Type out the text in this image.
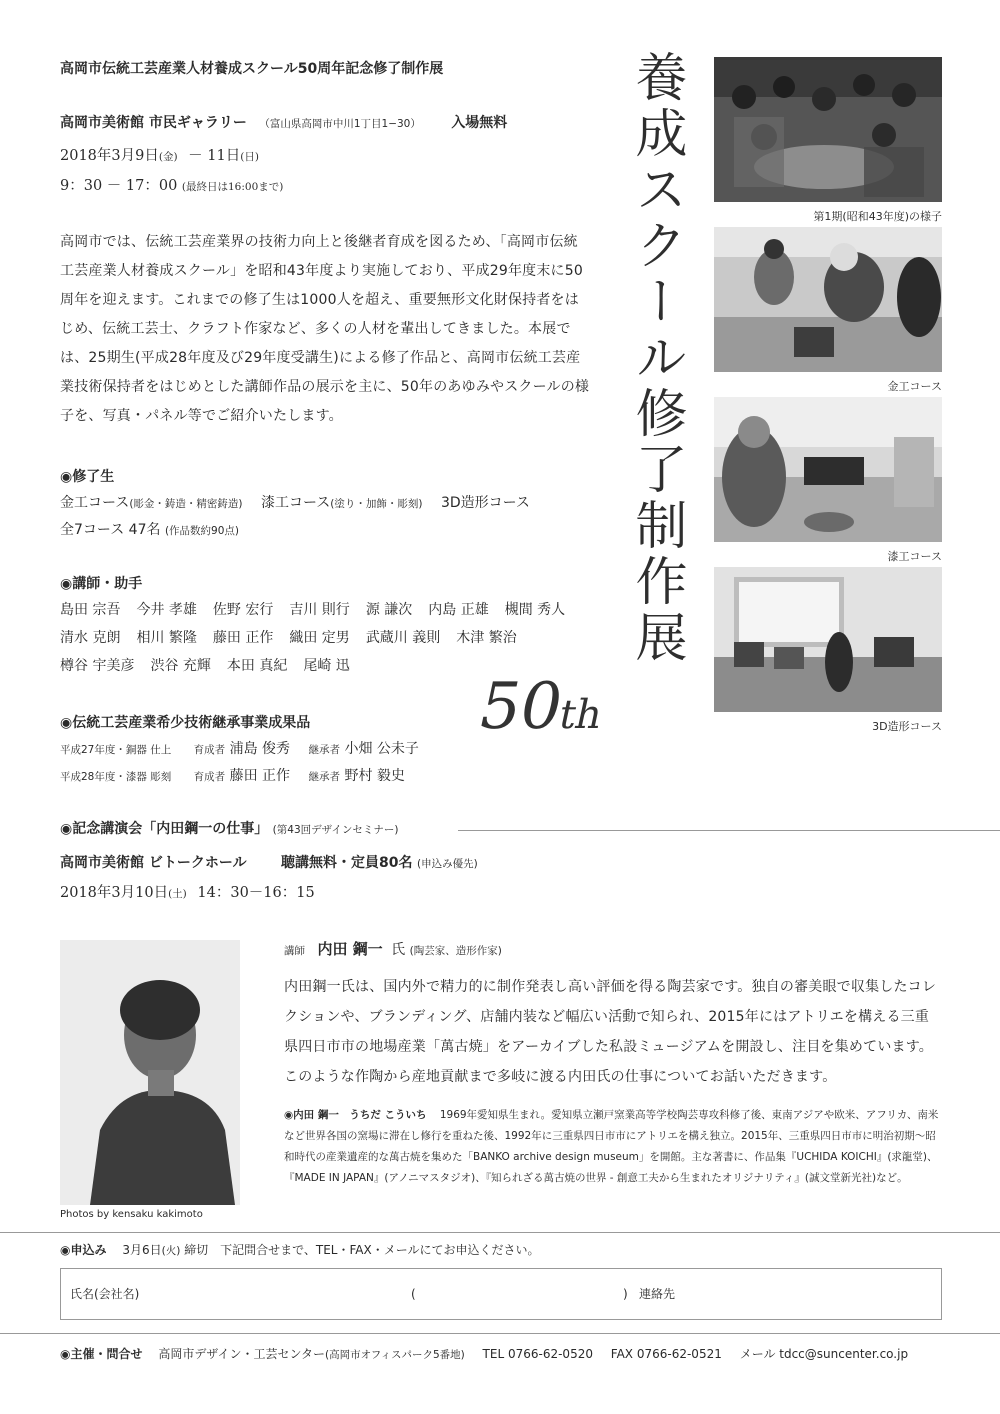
高岡市伝統工芸産業人材養成スクール50周年記念修了制作展
高岡市美術館 市民ギャラリー （富山県高岡市中川1丁目1−30） 入場無料
2018年3月9日(金) － 11日(日)
9：30 － 17：00 (最終日は16:00まで)
高岡市では、伝統工芸産業界の技術力向上と後継者育成を図るため、「高岡市伝統工芸産業人材養成スクール」を昭和43年度より実施しており、平成29年度末に50周年を迎えます。これまでの修了生は1000人を超え、重要無形文化財保持者をはじめ、伝統工芸士、クラフト作家など、多くの人材を輩出してきました。本展では、25期生(平成28年度及び29年度受講生)による修了作品と、高岡市伝統工芸産業技術保持者をはじめとした講師作品の展示を主に、50年のあゆみやスクールの様子を、写真・パネル等でご紹介いたします。
◉修了生
金工コース(彫金・鋳造・精密鋳造) 漆工コース(塗り・加飾・彫刻) 3D造形コース
全7コース 47名 (作品数約90点)
◉講師・助手
島田 宗吾 今井 孝雄 佐野 宏行 吉川 則行 源 謙次 内島 正雄 槻間 秀人
清水 克朗 相川 繁隆 藤田 正作 織田 定男 武蔵川 義則 木津 繁治
樽谷 宇美彦 渋谷 充輝 本田 真紀 尾崎 迅
◉伝統工芸産業希少技術継承事業成果品
平成27年度・銅器 仕上 育成者 浦島 俊秀 継承者 小畑 公未子
平成28年度・漆器 彫刻 育成者 藤田 正作 継承者 野村 毅史
養成スクール修了制作展
50th
第1期(昭和43年度)の様子
金工コース
漆工コース
3D造形コース
◉記念講演会「内田鋼一の仕事」 (第43回デザインセミナー)
高岡市美術館 ビトークホール 聴講無料・定員80名 (申込み優先)
2018年3月10日(土) 14：30－16：15
Photos by kensaku kakimoto
講師 内田 鋼一 氏 (陶芸家、造形作家)
内田鋼一氏は、国内外で精力的に制作発表し高い評価を得る陶芸家です。独自の審美眼で収集したコレクションや、ブランディング、店舗内装など幅広い活動で知られ、2015年にはアトリエを構える三重県四日市市の地場産業「萬古焼」をアーカイブした私設ミュージアムを開設し、注目を集めています。このような作陶から産地貢献まで多岐に渡る内田氏の仕事についてお話いただきます。
◉内田 鋼一　うちだ こういち 1969年愛知県生まれ。愛知県立瀬戸窯業高等学校陶芸専攻科修了後、東南アジアや欧米、アフリカ、南米など世界各国の窯場に滞在し修行を重ねた後、1992年に三重県四日市市にアトリエを構え独立。2015年、三重県四日市市に明治初期～昭和時代の産業遺産的な萬古焼を集めた「BANKO archive design museum」を開館。主な著書に、作品集『UCHIDA KOICHI』(求龍堂)、『MADE IN JAPAN』(アノニマスタジオ)、『知られざる萬古焼の世界 - 創意工夫から生まれたオリジナリティ』(誠文堂新光社)など。
◉申込み 3月6日(火) 締切　下記問合せまで、TEL・FAX・メールにてお申込ください。
氏名(会社名)	(	) 連絡先
◉主催・問合せ 高岡市デザイン・工芸センター(高岡市オフィスパーク5番地) TEL 0766-62-0520 FAX 0766-62-0521 メール tdcc@suncenter.co.jp
